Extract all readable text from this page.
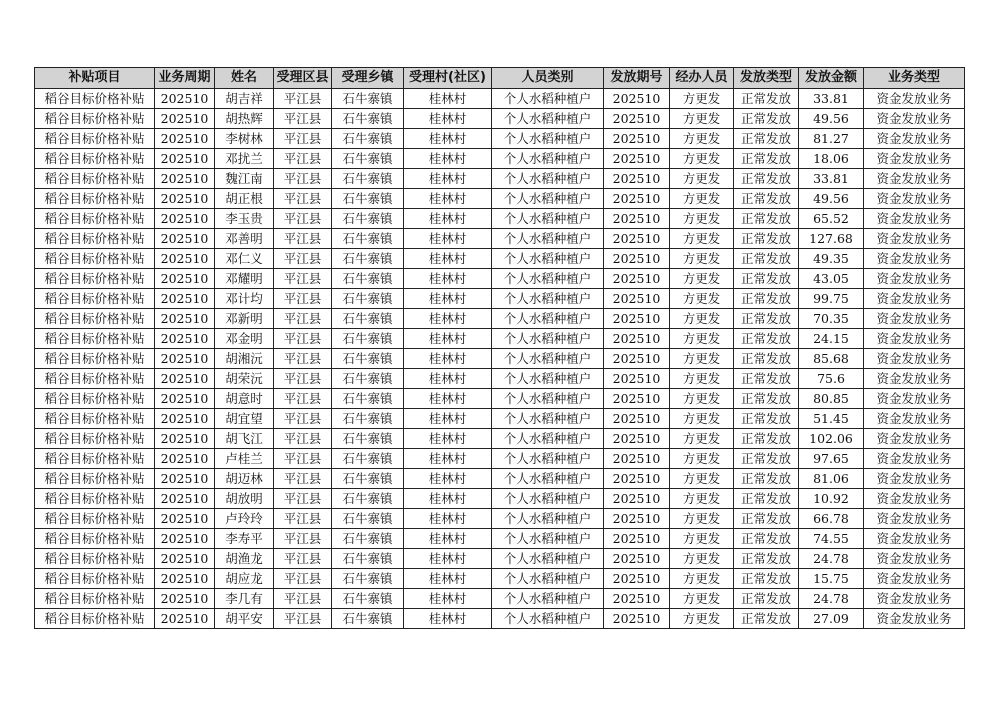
补贴项目	业务周期	姓名	受理区县	受理乡镇	受理村(社区)	人员类别	发放期号	经办人员	发放类型	发放金额	业务类型
稻谷目标价格补贴	202510	胡吉祥	平江县	石牛寨镇	桂林村	个人水稻种植户	202510	方更发	正常发放	33.81	资金发放业务
稻谷目标价格补贴	202510	胡热辉	平江县	石牛寨镇	桂林村	个人水稻种植户	202510	方更发	正常发放	49.56	资金发放业务
稻谷目标价格补贴	202510	李树林	平江县	石牛寨镇	桂林村	个人水稻种植户	202510	方更发	正常发放	81.27	资金发放业务
稻谷目标价格补贴	202510	邓扰兰	平江县	石牛寨镇	桂林村	个人水稻种植户	202510	方更发	正常发放	18.06	资金发放业务
稻谷目标价格补贴	202510	魏江南	平江县	石牛寨镇	桂林村	个人水稻种植户	202510	方更发	正常发放	33.81	资金发放业务
稻谷目标价格补贴	202510	胡正根	平江县	石牛寨镇	桂林村	个人水稻种植户	202510	方更发	正常发放	49.56	资金发放业务
稻谷目标价格补贴	202510	李玉贵	平江县	石牛寨镇	桂林村	个人水稻种植户	202510	方更发	正常发放	65.52	资金发放业务
稻谷目标价格补贴	202510	邓善明	平江县	石牛寨镇	桂林村	个人水稻种植户	202510	方更发	正常发放	127.68	资金发放业务
稻谷目标价格补贴	202510	邓仁义	平江县	石牛寨镇	桂林村	个人水稻种植户	202510	方更发	正常发放	49.35	资金发放业务
稻谷目标价格补贴	202510	邓耀明	平江县	石牛寨镇	桂林村	个人水稻种植户	202510	方更发	正常发放	43.05	资金发放业务
稻谷目标价格补贴	202510	邓计均	平江县	石牛寨镇	桂林村	个人水稻种植户	202510	方更发	正常发放	99.75	资金发放业务
稻谷目标价格补贴	202510	邓新明	平江县	石牛寨镇	桂林村	个人水稻种植户	202510	方更发	正常发放	70.35	资金发放业务
稻谷目标价格补贴	202510	邓金明	平江县	石牛寨镇	桂林村	个人水稻种植户	202510	方更发	正常发放	24.15	资金发放业务
稻谷目标价格补贴	202510	胡湘沅	平江县	石牛寨镇	桂林村	个人水稻种植户	202510	方更发	正常发放	85.68	资金发放业务
稻谷目标价格补贴	202510	胡荣沅	平江县	石牛寨镇	桂林村	个人水稻种植户	202510	方更发	正常发放	75.6	资金发放业务
稻谷目标价格补贴	202510	胡意时	平江县	石牛寨镇	桂林村	个人水稻种植户	202510	方更发	正常发放	80.85	资金发放业务
稻谷目标价格补贴	202510	胡宜望	平江县	石牛寨镇	桂林村	个人水稻种植户	202510	方更发	正常发放	51.45	资金发放业务
稻谷目标价格补贴	202510	胡飞江	平江县	石牛寨镇	桂林村	个人水稻种植户	202510	方更发	正常发放	102.06	资金发放业务
稻谷目标价格补贴	202510	卢桂兰	平江县	石牛寨镇	桂林村	个人水稻种植户	202510	方更发	正常发放	97.65	资金发放业务
稻谷目标价格补贴	202510	胡迈林	平江县	石牛寨镇	桂林村	个人水稻种植户	202510	方更发	正常发放	81.06	资金发放业务
稻谷目标价格补贴	202510	胡放明	平江县	石牛寨镇	桂林村	个人水稻种植户	202510	方更发	正常发放	10.92	资金发放业务
稻谷目标价格补贴	202510	卢玲玲	平江县	石牛寨镇	桂林村	个人水稻种植户	202510	方更发	正常发放	66.78	资金发放业务
稻谷目标价格补贴	202510	李寿平	平江县	石牛寨镇	桂林村	个人水稻种植户	202510	方更发	正常发放	74.55	资金发放业务
稻谷目标价格补贴	202510	胡渔龙	平江县	石牛寨镇	桂林村	个人水稻种植户	202510	方更发	正常发放	24.78	资金发放业务
稻谷目标价格补贴	202510	胡应龙	平江县	石牛寨镇	桂林村	个人水稻种植户	202510	方更发	正常发放	15.75	资金发放业务
稻谷目标价格补贴	202510	李几有	平江县	石牛寨镇	桂林村	个人水稻种植户	202510	方更发	正常发放	24.78	资金发放业务
稻谷目标价格补贴	202510	胡平安	平江县	石牛寨镇	桂林村	个人水稻种植户	202510	方更发	正常发放	27.09	资金发放业务
